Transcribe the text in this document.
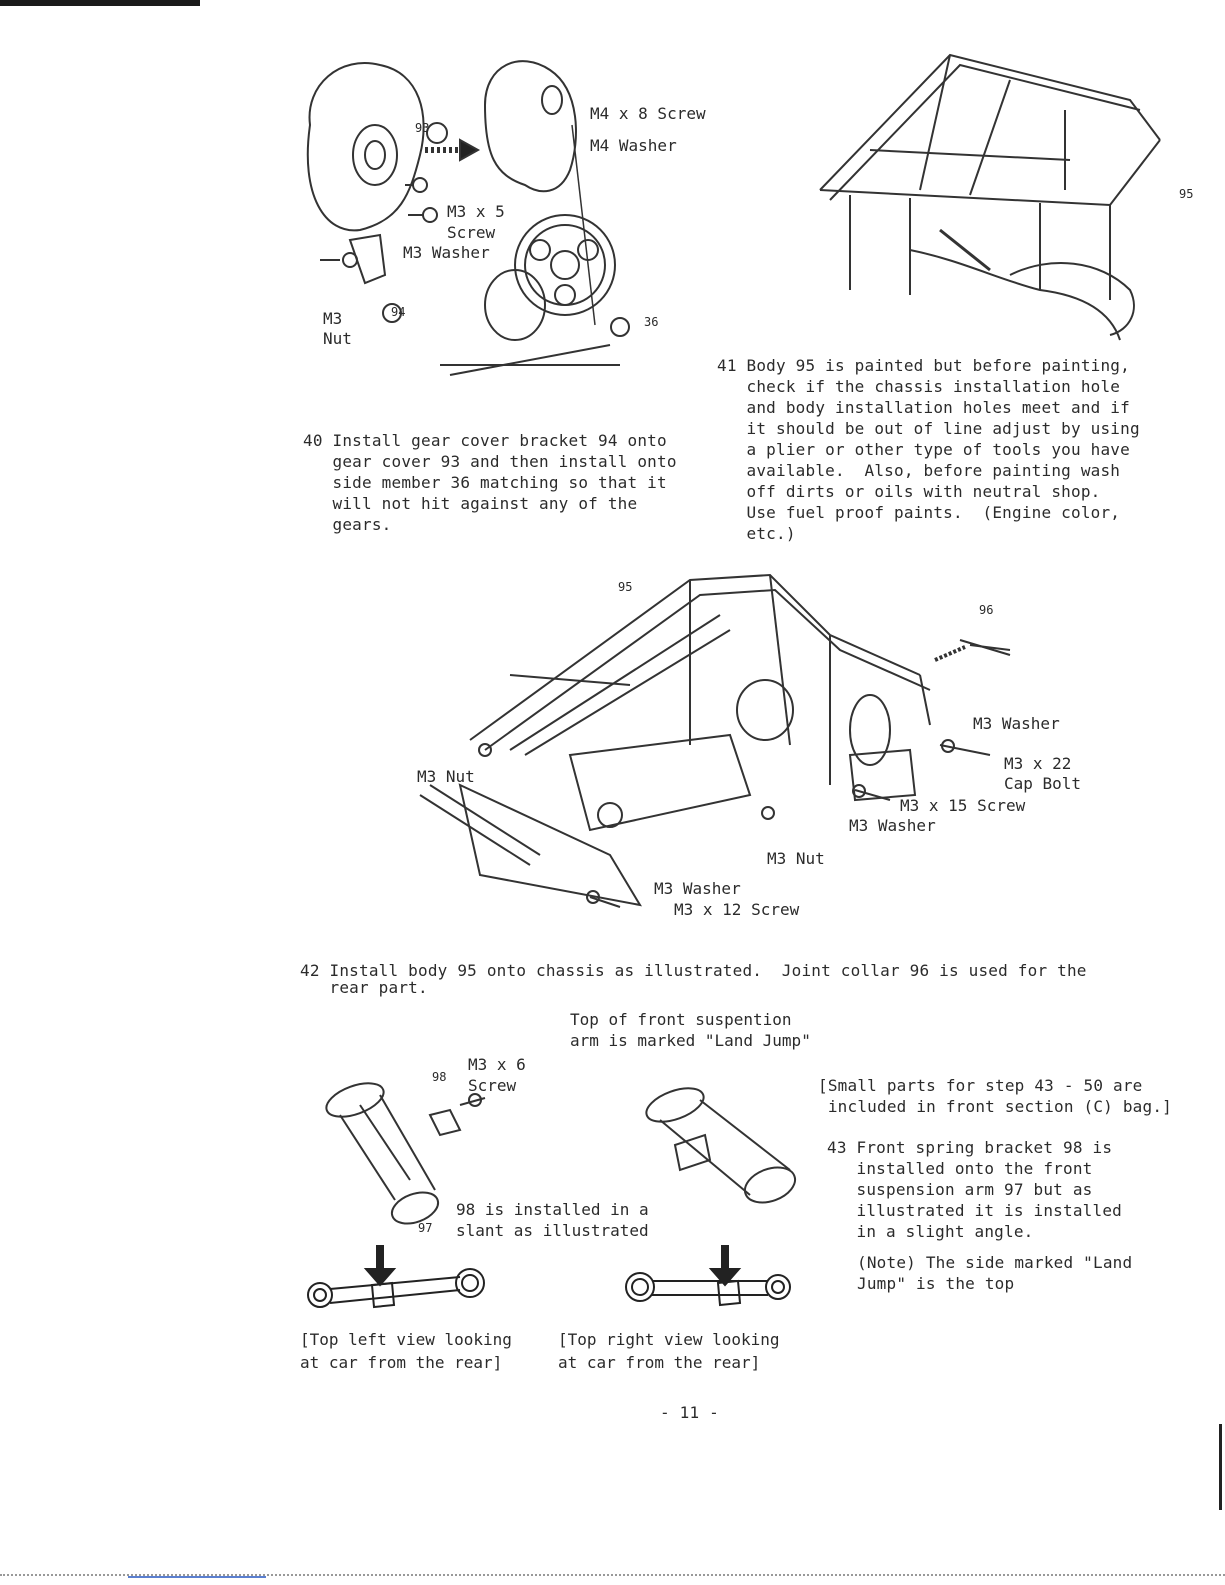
M4 x 8 Screw
M4 Washer
M3 x 5
Screw
M3 Washer
M3
Nut
93
94
36
95
40 Install gear cover bracket 94 onto
gear cover 93 and then install onto
side member 36 matching so that it
will not hit against any of the
gears.
41 Body 95 is painted but before painting,
check if the chassis installation hole
and body installation holes meet and if
it should be out of line adjust by using
a plier or other type of tools you have
available.  Also, before painting wash
off dirts or oils with neutral shop.
Use fuel proof paints.  (Engine color,
etc.)
95
96
M3 Washer
M3 x 22
Cap Bolt
M3 Nut
M3 x 15 Screw
M3 Washer
M3 Nut
M3 Washer
M3 x 12 Screw
42 Install body 95 onto chassis as illustrated.  Joint collar 96 is used for the
rear part.
Top of front suspention
arm is marked "Land Jump"
M3 x 6
Screw
98
97
98 is installed in a
slant as illustrated
[Top left view looking
at car from the rear]
[Top right view looking
at car from the rear]
[Small parts for step 43 - 50 are
included in front section (C) bag.]
43 Front spring bracket 98 is
installed onto the front
suspension arm 97 but as
illustrated it is installed
in a slight angle.
(Note) The side marked "Land
Jump" is the top
- 11 -
